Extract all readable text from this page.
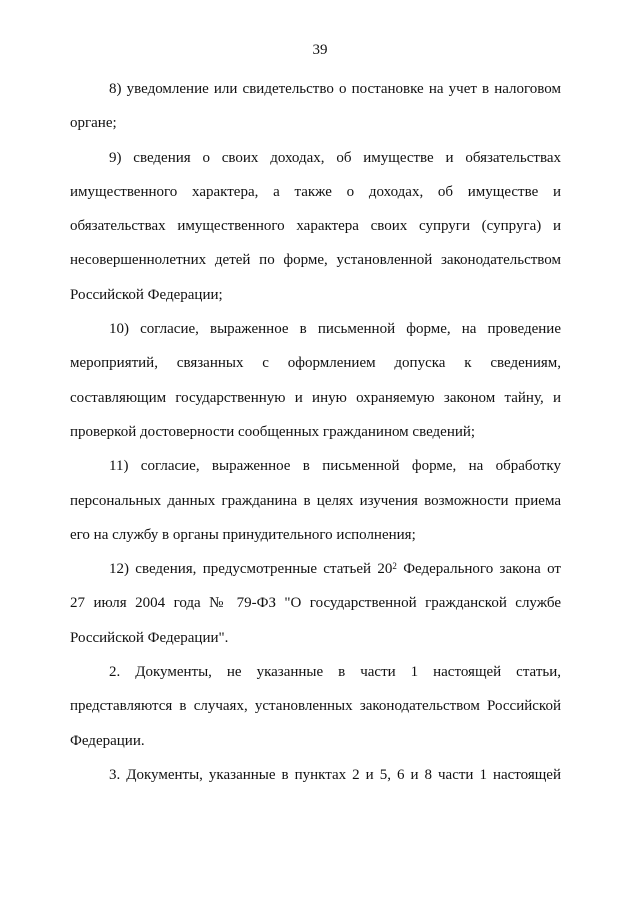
39

8) уведомление или свидетельство о постановке на учет в налоговом органе;

9) сведения о своих доходах, об имуществе и обязательствах имущественного характера, а также о доходах, об имуществе и обязательствах имущественного характера своих супруги (супруга) и несовершеннолетних детей по форме, установленной законодательством Российской Федерации;

10) согласие, выраженное в письменной форме, на проведение мероприятий, связанных с оформлением допуска к сведениям, составляющим государственную и иную охраняемую законом тайну, и проверкой достоверности сообщенных гражданином сведений;

11) согласие, выраженное в письменной форме, на обработку персональных данных гражданина в целях изучения возможности приема его на службу в органы принудительного исполнения;

12) сведения, предусмотренные статьей $20^2$ Федерального закона от 27 июля 2004 года № 79-ФЗ "О государственной гражданской службе Российской Федерации".

2. Документы, не указанные в части 1 настоящей статьи, представляются в случаях, установленных законодательством Российской Федерации.

3. Документы, указанные в пунктах 2 и 5, 6 и 8 части 1 настоящей
